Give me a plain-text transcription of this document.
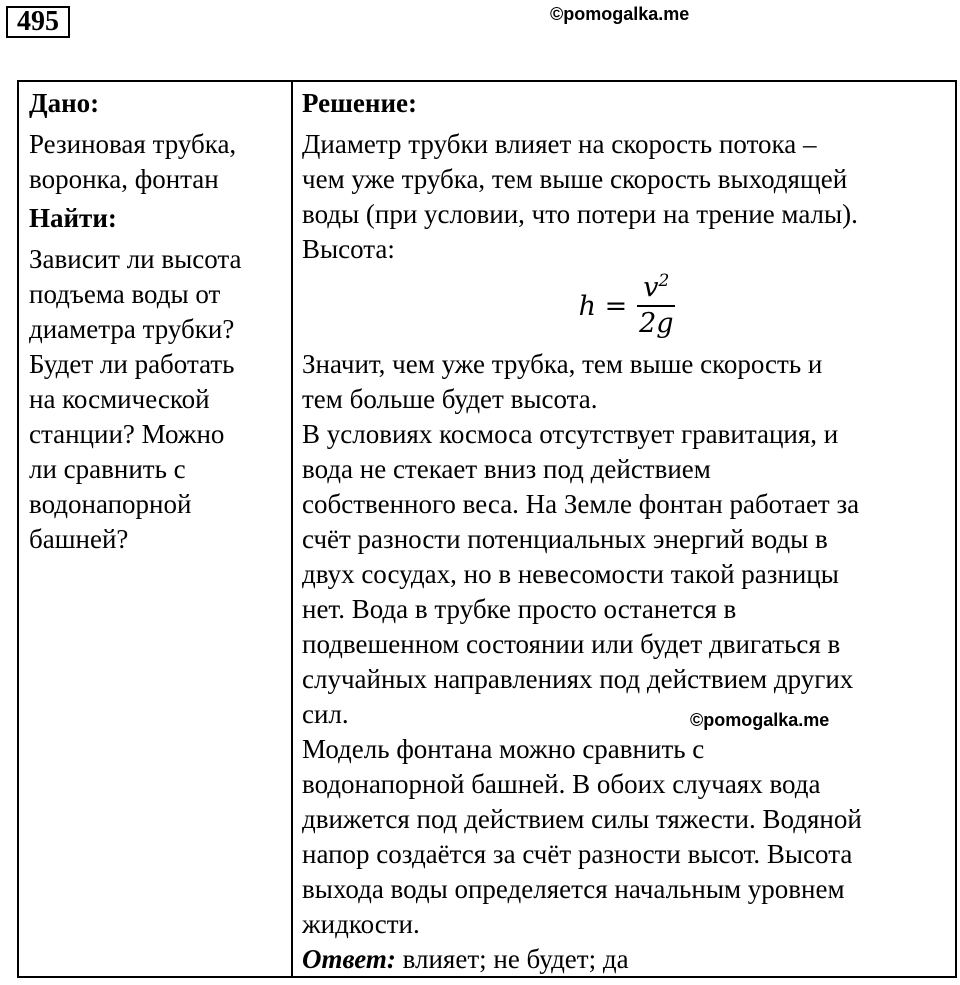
495	©pomogalka.me
Дано:
Резиновая трубка,
воронка, фонтан
Найти:
Зависит ли высота
подъема воды от
диаметра трубки?
Будет ли работать
на космической
станции? Можно
ли сравнить с
водонапорной
башней?
Решение:
Диаметр трубки влияет на скорость потока –
чем уже трубка, тем выше скорость выходящей
воды (при условии, что потери на трение малы).
Высота:
$h = \frac{v^2}{2g}$
Значит, чем уже трубка, тем выше скорость и
тем больше будет высота.
В условиях космоса отсутствует гравитация, и
вода не стекает вниз под действием
собственного веса. На Земле фонтан работает за
счёт разности потенциальных энергий воды в
двух сосудах, но в невесомости такой разницы
нет. Вода в трубке просто останется в
подвешенном состоянии или будет двигаться в
случайных направлениях под действием других
сил.
Модель фонтана можно сравнить с
водонапорной башней. В обоих случаях вода
движется под действием силы тяжести. Водяной
напор создаётся за счёт разности высот. Высота
выхода воды определяется начальным уровнем
жидкости.
Ответ: влияет; не будет; да
©pomogalka.me
